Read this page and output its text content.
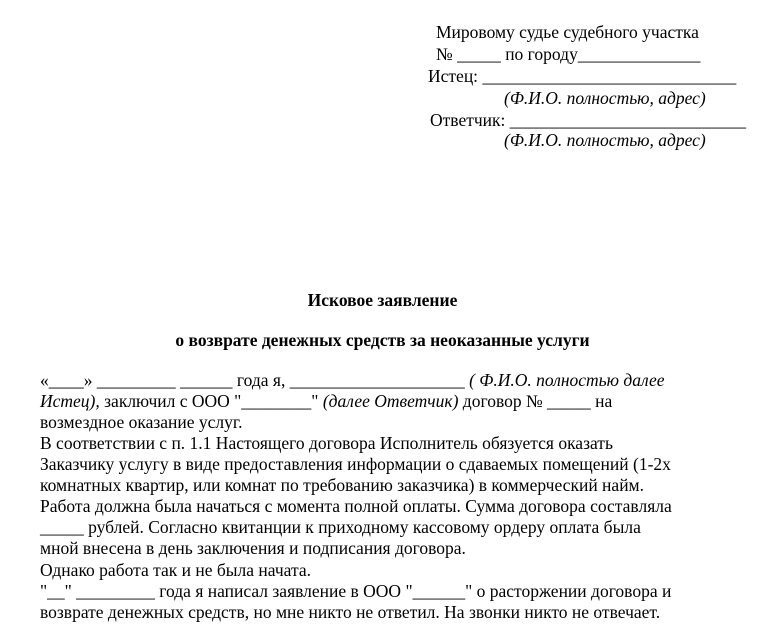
Мировому судье судебного участка
№ _____ по городу______________
Истец: _____________________________
(Ф.И.О. полностью, адрес)
Ответчик: ___________________________
(Ф.И.О. полностью, адрес)
Исковое заявление
о возврате денежных средств за неоказанные услуги
«____» _________ ______ года я, ____________________ ( Ф.И.О. полностью далее
Истец), заключил с ООО "________" (далее Ответчик) договор № _____ на
возмездное оказание услуг.
В соответствии с п. 1.1 Настоящего договора Исполнитель обязуется оказать
Заказчику услугу в виде предоставления информации о сдаваемых помещений (1-2х
комнатных квартир, или комнат по требованию заказчика) в коммерческий найм.
Работа должна была начаться с момента полной оплаты. Сумма договора составляла
_____ рублей. Согласно квитанции к приходному кассовому ордеру оплата была
мной внесена в день заключения и подписания договора.
Однако работа так и не была начата.
"__" _________ года я написал заявление в ООО "______" о расторжении договора и
возврате денежных средств, но мне никто не ответил. На звонки никто не отвечает.
